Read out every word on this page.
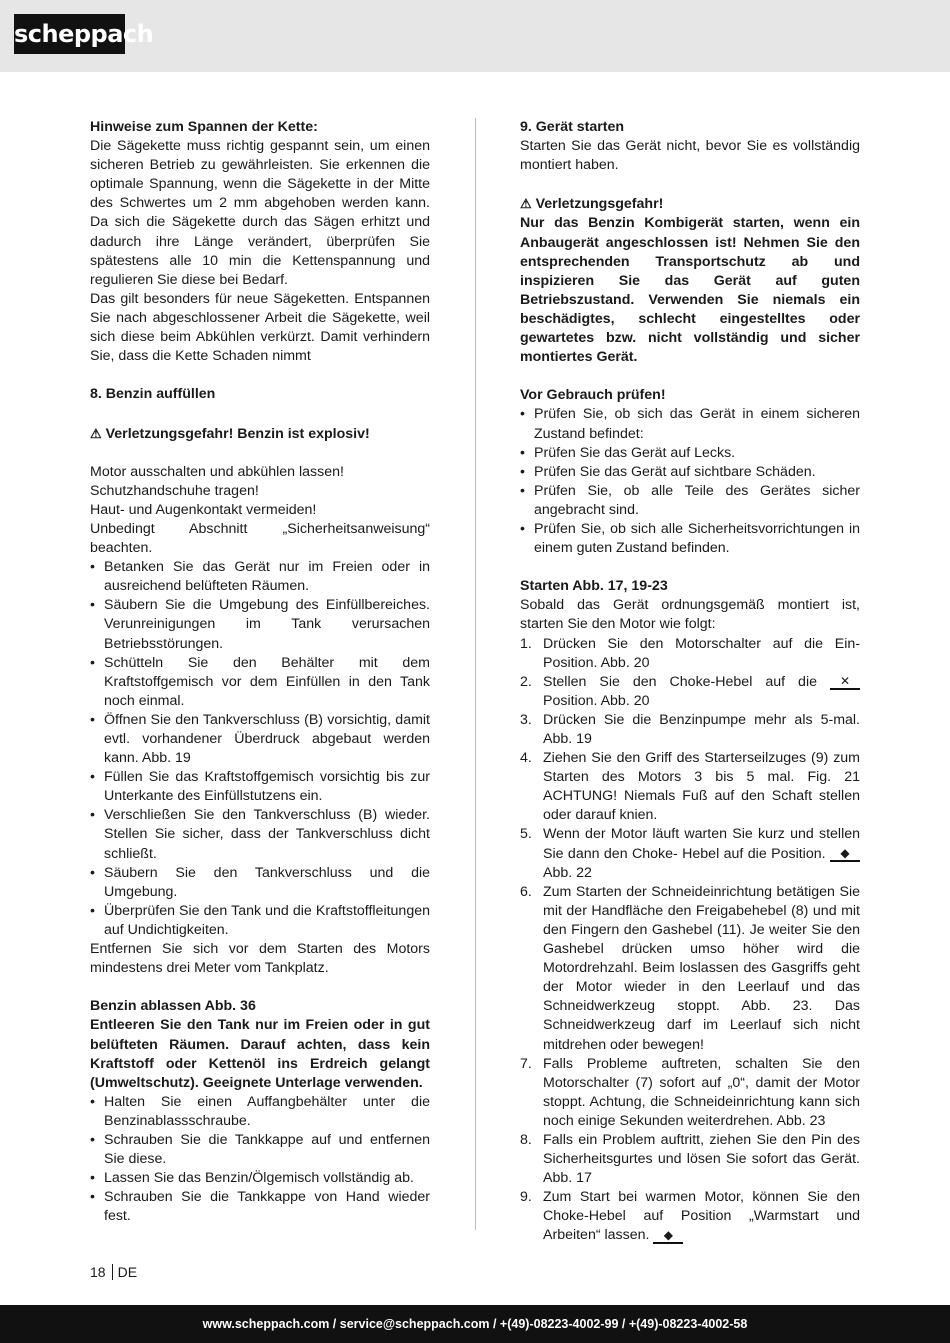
scheppach

Hinweise zum Spannen der Kette:

Die Sägekette muss richtig gespannt sein, um einen sicheren Betrieb zu gewährleisten. Sie erkennen die optimale Spannung, wenn die Sägekette in der Mitte des Schwertes um 2 mm abgehoben werden kann. Da sich die Sägekette durch das Sägen erhitzt und dadurch ihre Länge verändert, überprüfen Sie spätestens alle 10 min die Kettenspannung und regulieren Sie diese bei Bedarf.

Das gilt besonders für neue Sägeketten. Entspannen Sie nach abgeschlossener Arbeit die Sägekette, weil sich diese beim Abkühlen verkürzt. Damit verhindern Sie, dass die Kette Schaden nimmt

8. Benzin auffüllen

⚠ Verletzungsgefahr! Benzin ist explosiv!

Motor ausschalten und abkühlen lassen!

Schutzhandschuhe tragen!

Haut- und Augenkontakt vermeiden!

Unbedingt Abschnitt „Sicherheitsanweisung“ beachten.

• Betanken Sie das Gerät nur im Freien oder in ausreichend belüfteten Räumen.
• Säubern Sie die Umgebung des Einfüllbereiches. Verunreinigungen im Tank verursachen Betriebsstörungen.
• Schütteln Sie den Behälter mit dem Kraftstoffgemisch vor dem Einfüllen in den Tank noch einmal.
• Öffnen Sie den Tankverschluss (B) vorsichtig, damit evtl. vorhandener Überdruck abgebaut werden kann. Abb. 19
• Füllen Sie das Kraftstoffgemisch vorsichtig bis zur Unterkante des Einfüllstutzens ein.
• Verschließen Sie den Tankverschluss (B) wieder. Stellen Sie sicher, dass der Tankverschluss dicht schließt.
• Säubern Sie den Tankverschluss und die Umgebung.
• Überprüfen Sie den Tank und die Kraftstoffleitungen auf Undichtigkeiten.

Entfernen Sie sich vor dem Starten des Motors mindestens drei Meter vom Tankplatz.

Benzin ablassen Abb. 36

Entleeren Sie den Tank nur im Freien oder in gut belüfteten Räumen. Darauf achten, dass kein Kraftstoff oder Kettenöl ins Erdreich gelangt (Umweltschutz). Geeignete Unterlage verwenden.

• Halten Sie einen Auffangbehälter unter die Benzinablassschraube.
• Schrauben Sie die Tankkappe auf und entfernen Sie diese.
• Lassen Sie das Benzin/Ölgemisch vollständig ab.
• Schrauben Sie die Tankkappe von Hand wieder fest.

9. Gerät starten

Starten Sie das Gerät nicht, bevor Sie es vollständig montiert haben.

⚠ Verletzungsgefahr!

Nur das Benzin Kombigerät starten, wenn ein Anbaugerät angeschlossen ist! Nehmen Sie den entsprechenden Transportschutz ab und inspizieren Sie das Gerät auf guten Betriebszustand. Verwenden Sie niemals ein beschädigtes, schlecht eingestelltes oder gewartetes bzw. nicht vollständig und sicher montiertes Gerät.

Vor Gebrauch prüfen!

• Prüfen Sie, ob sich das Gerät in einem sicheren Zustand befindet:
• Prüfen Sie das Gerät auf Lecks.
• Prüfen Sie das Gerät auf sichtbare Schäden.
• Prüfen Sie, ob alle Teile des Gerätes sicher angebracht sind.
• Prüfen Sie, ob sich alle Sicherheitsvorrichtungen in einem guten Zustand befinden.

Starten Abb. 17, 19-23

Sobald das Gerät ordnungsgemäß montiert ist, starten Sie den Motor wie folgt:

1. Drücken Sie den Motorschalter auf die Ein-Position. Abb. 20
2. Stellen Sie den Choke-Hebel auf die ✕ Position. Abb. 20
3. Drücken Sie die Benzinpumpe mehr als 5-mal. Abb. 19
4. Ziehen Sie den Griff des Starterseilzuges (9) zum Starten des Motors 3 bis 5 mal. Fig. 21 ACHTUNG! Niemals Fuß auf den Schaft stellen oder darauf knien.
5. Wenn der Motor läuft warten Sie kurz und stellen Sie dann den Choke- Hebel auf die Position. ◆ Abb. 22
6. Zum Starten der Schneideinrichtung betätigen Sie mit der Handfläche den Freigabehebel (8) und mit den Fingern den Gashebel (11). Je weiter Sie den Gashebel drücken umso höher wird die Motordrehzahl. Beim loslassen des Gasgriffs geht der Motor wieder in den Leerlauf und das Schneidwerkzeug stoppt. Abb. 23. Das Schneidwerkzeug darf im Leerlauf sich nicht mitdrehen oder bewegen!
7. Falls Probleme auftreten, schalten Sie den Motorschalter (7) sofort auf „0“, damit der Motor stoppt. Achtung, die Schneideinrichtung kann sich noch einige Sekunden weiterdrehen. Abb. 23
8. Falls ein Problem auftritt, ziehen Sie den Pin des Sicherheitsgurtes und lösen Sie sofort das Gerät. Abb. 17
9. Zum Start bei warmen Motor, können Sie den Choke-Hebel auf Position „Warmstart und Arbeiten“ lassen. ◆
18 DE
www.scheppach.com / service@scheppach.com / +(49)-08223-4002-99 / +(49)-08223-4002-58
